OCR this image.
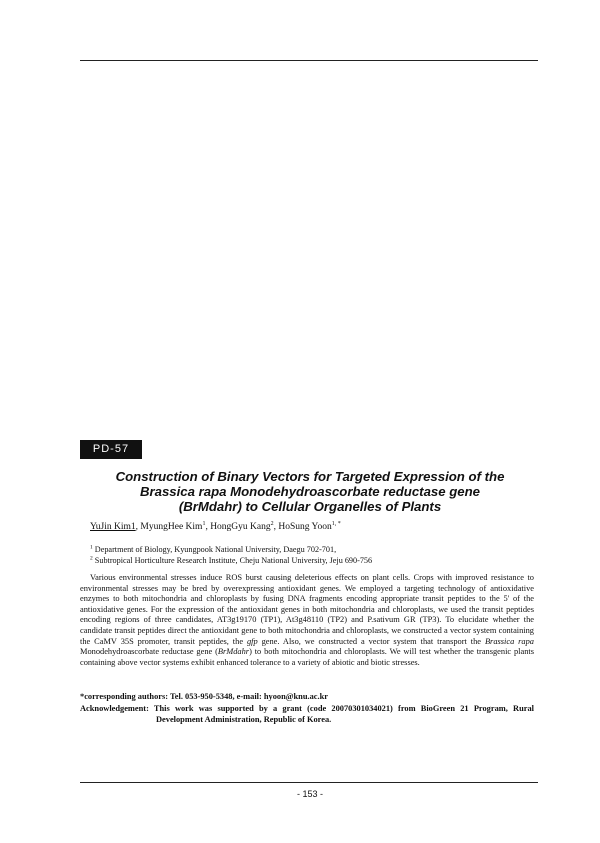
PD-57
Construction of Binary Vectors for Targeted Expression of the
Brassica rapa Monodehydroascorbate reductase gene
(BrMdahr) to Cellular Organelles of Plants
YuJin Kim1, MyungHee Kim$^1$, HongGyu Kang$^2$, HoSung Yoon$^{1, *}$
$^1$ Department of Biology, Kyungpook National University, Daegu 702-701,
$^2$ Subtropical Horticulture Research Institute, Cheju National University, Jeju 690-756

Various environmental stresses induce ROS burst causing deleterious effects on plant cells. Crops with improved resistance to environmental stresses may be bred by overexpressing antioxidant genes. We employed a targeting technology of antioxidative enzymes to both mitochondria and chloroplasts by fusing DNA fragments encoding appropriate transit peptides to the 5' of the antioxidative genes. For the expression of the antioxidant genes in both mitochondria and chloroplasts, we used the transit peptides encoding regions of three candidates, AT3g19170 (TP1), At3g48110 (TP2) and P.sativum GR (TP3). To elucidate whether the candidate transit peptides direct the antioxidant gene to both mitochondria and chloroplasts, we constructed a vector system containing the CaMV 35S promoter, transit peptides, the gfp gene. Also, we constructed a vector system that transport the Brassica rapa Monodehydroascorbate reductase gene (BrMdahr) to both mitochondria and chloroplasts. We will test whether the transgenic plants containing above vector systems exhibit enhanced tolerance to a variety of abiotic and biotic stresses.

*corresponding authors: Tel. 053-950-5348, e-mail: hyoon@knu.ac.kr
Acknowledgement: This work was supported by a grant (code 20070301034021) from BioGreen 21 Program, Rural Development Administration, Republic of Korea.
- 153 -
